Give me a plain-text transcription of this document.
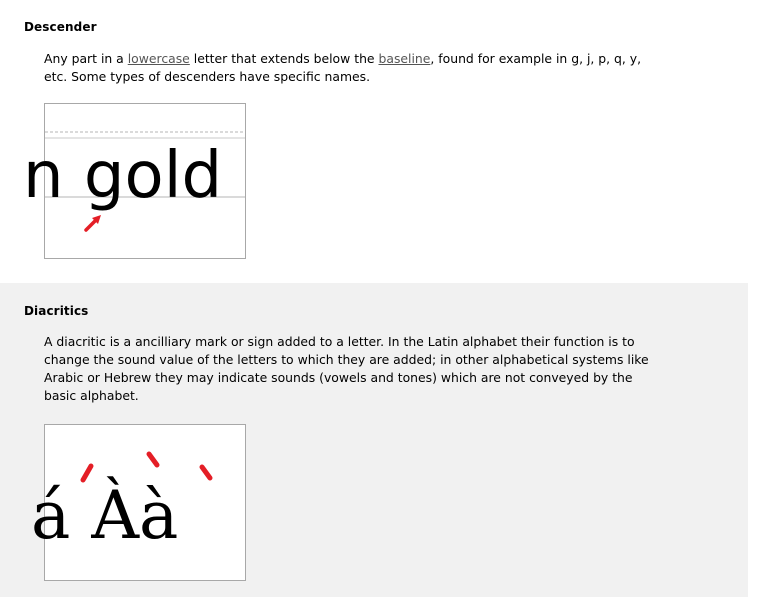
Descender
Any part in a lowercase letter that extends below the baseline, found for example in g, j, p, q, y, etc. Some types of descenders have specific names.
n gold
Diacritics
A diacritic is a ancilliary mark or sign added to a letter. In the Latin alphabet their function is to change the sound value of the letters to which they are added; in other alphabetical systems like Arabic or Hebrew they may indicate sounds (vowels and tones) which are not conveyed by the basic alphabet.
á Àà
